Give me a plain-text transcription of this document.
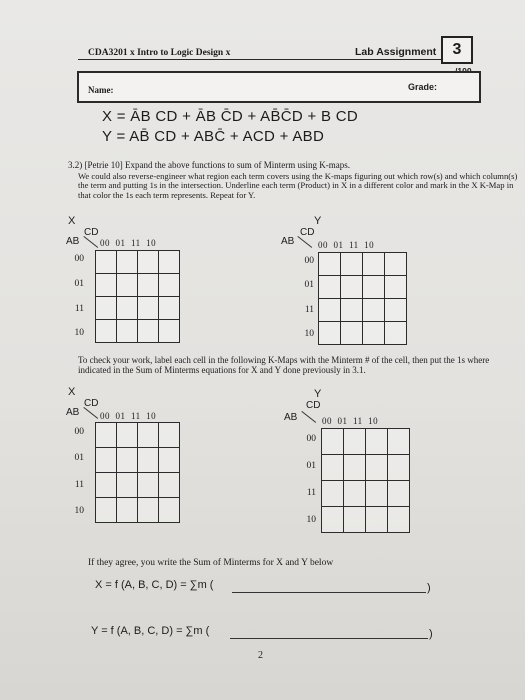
CDA3201 x Intro to Logic Design x	Lab Assignment	3
Name:	Grade:
X = ĀB CD + ĀB C̄D + AB̄C̄D + B CD
Y = AB̄ CD + ABC̄ + ACD + ABD
3.2) [Petrie 10] Expand the above functions to sum of Minterm using K-maps.
We could also reverse-engineer what region each term covers using the K-maps figuring out which row(s) and which column(s) the term and putting 1s in the intersection. Underline each term (Product) in X in a different color and mark in the X K-Map in that color the 1s each term represents. Repeat for Y.
X
CD
AB 00  01  11  10
00
01
11
10

Y
CD
AB	00  01  11  10
00
01
11
10

To check your work, label each cell in the following K-Maps with the Minterm # of the cell, then put the 1s where indicated in the Sum of Minterms equations for X and Y done previously in 3.1.
X
CD
AB 00  01  11  10
00
01
11
10

Y
CD
AB	00  01  11  10
00
01
11
10

If they agree, you write the Sum of Minterms for X and Y below
X = f (A, B, C, D) = ∑m (	)
Y = f (A, B, C, D) = ∑m (	)
2
